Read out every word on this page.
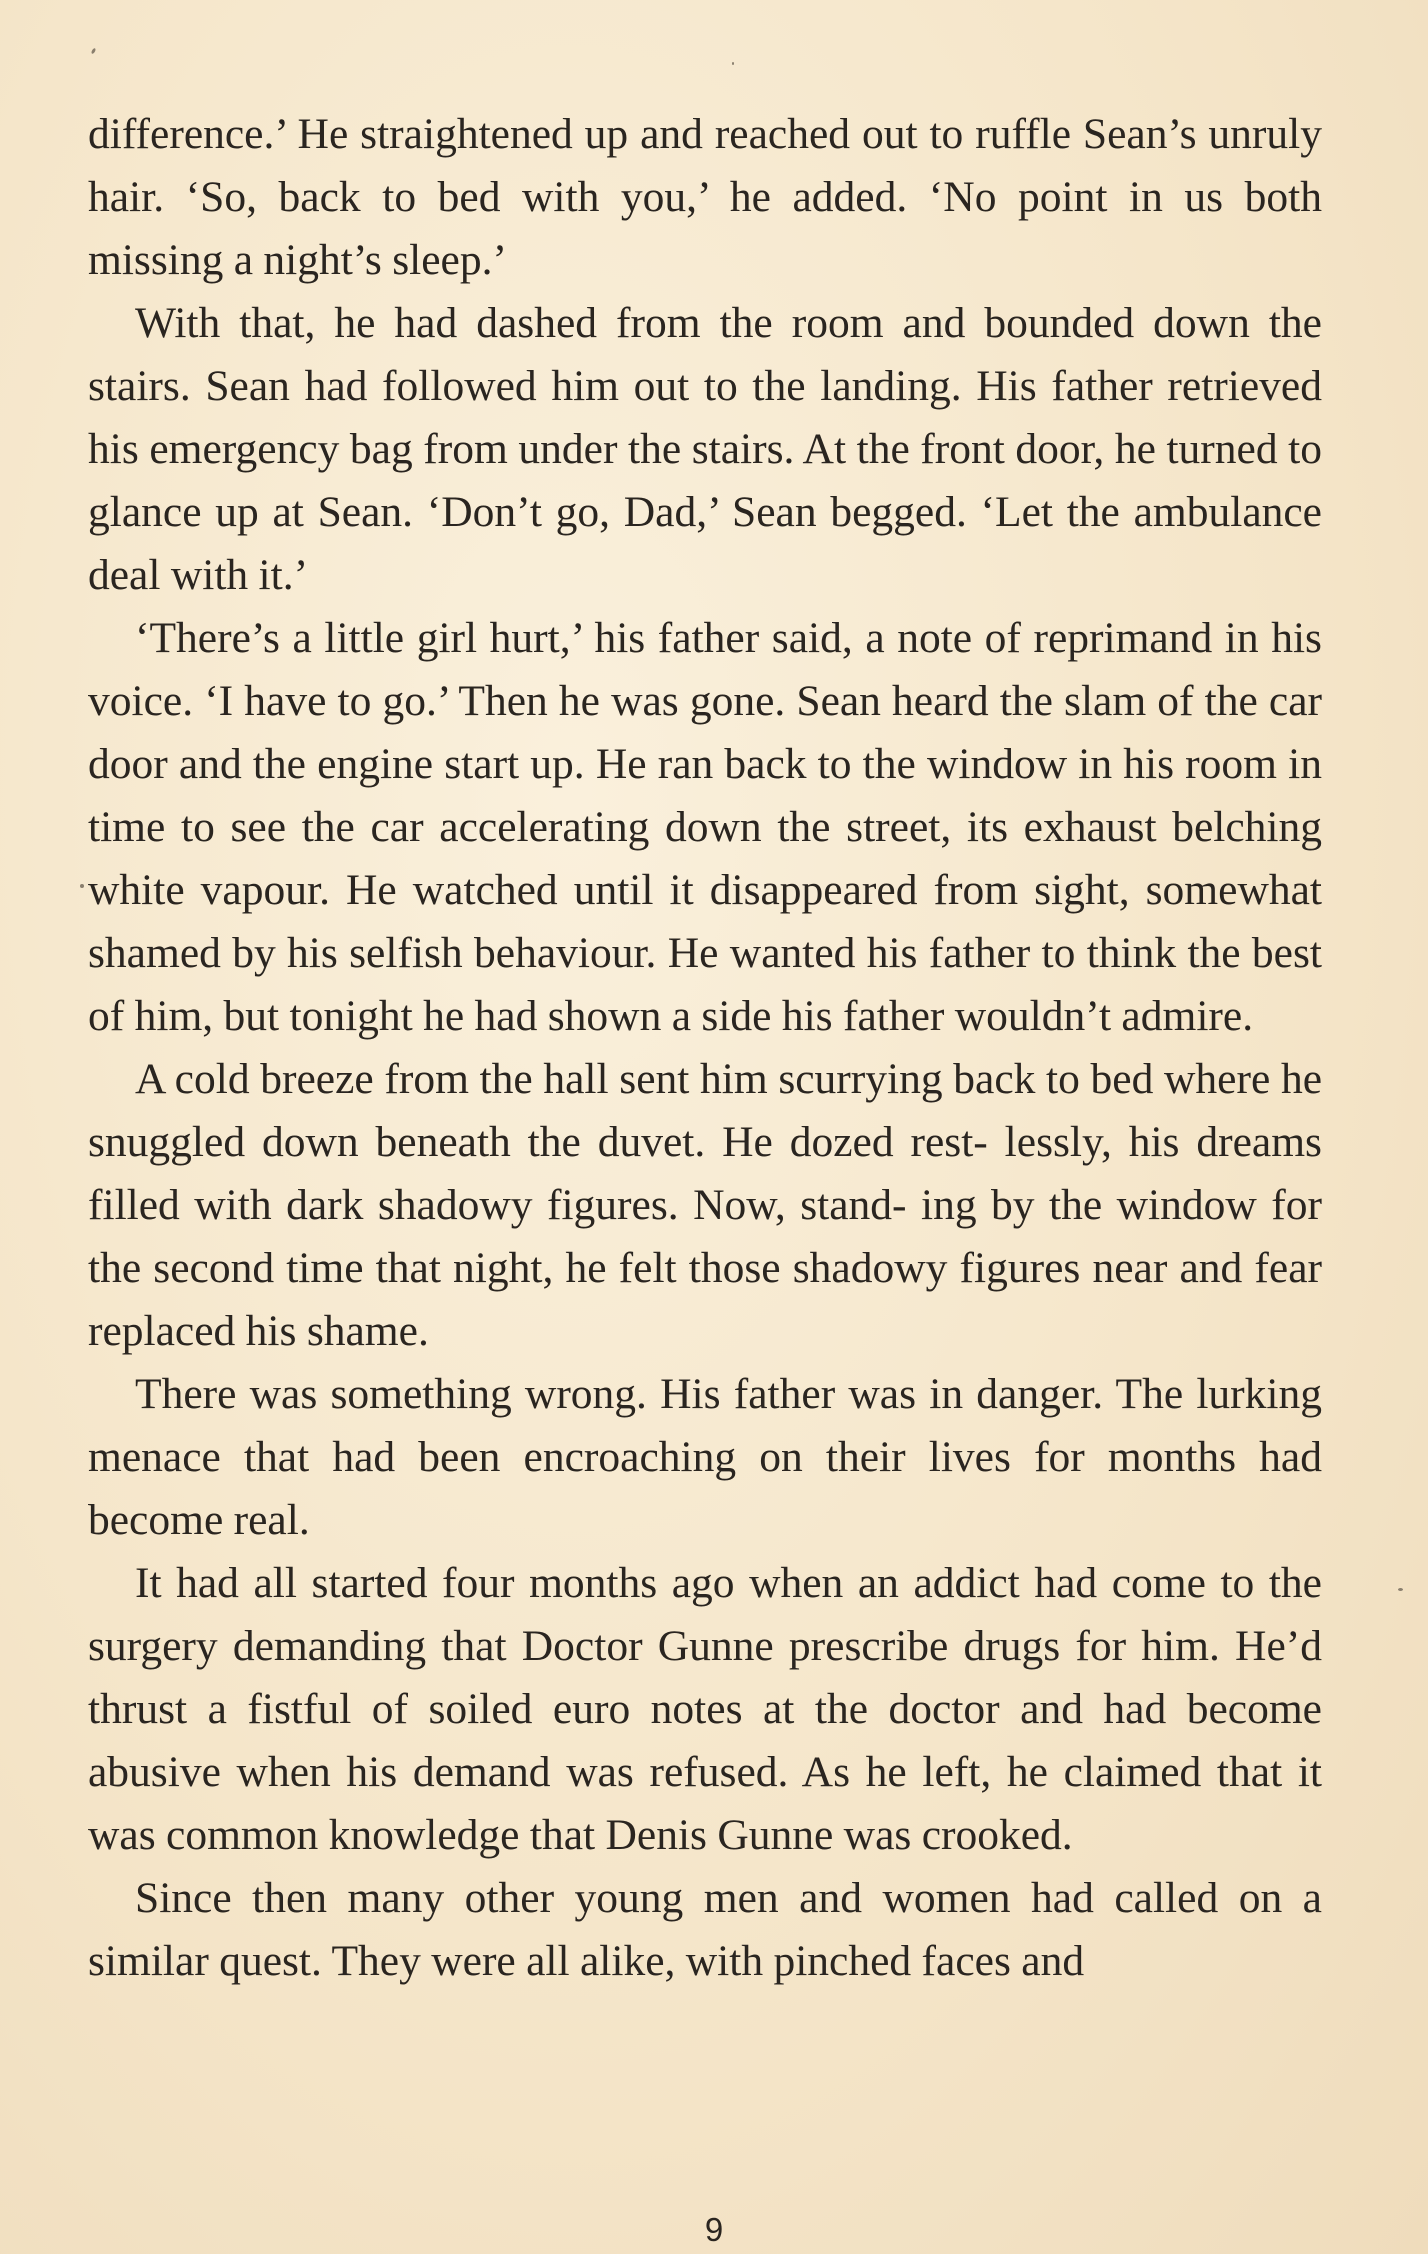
difference.’ He straightened up and reached out to ruffle Sean’s unruly hair. ‘So, back to bed with you,’ he added. ‘No point in us both missing a night’s sleep.’

With that, he had dashed from the room and bounded down the stairs. Sean had followed him out to the landing. His father retrieved his emergency bag from under the stairs. At the front door, he turned to glance up at Sean. ‘Don’t go, Dad,’ Sean begged. ‘Let the ambulance deal with it.’

‘There’s a little girl hurt,’ his father said, a note of reprimand in his voice. ‘I have to go.’ Then he was gone. Sean heard the slam of the car door and the engine start up. He ran back to the window in his room in time to see the car accelerating down the street, its exhaust belching white vapour. He watched until it disappeared from sight, somewhat shamed by his selfish behaviour. He wanted his father to think the best of him, but tonight he had shown a side his father wouldn’t admire.

A cold breeze from the hall sent him scurrying back to bed where he snuggled down beneath the duvet. He dozed rest- lessly, his dreams filled with dark shadowy figures. Now, stand- ing by the window for the second time that night, he felt those shadowy figures near and fear replaced his shame.

There was something wrong. His father was in danger. The lurking menace that had been encroaching on their lives for months had become real.

It had all started four months ago when an addict had come to the surgery demanding that Doctor Gunne prescribe drugs for him. He’d thrust a fistful of soiled euro notes at the doctor and had become abusive when his demand was refused. As he left, he claimed that it was common knowledge that Denis Gunne was crooked.

Since then many other young men and women had called on a similar quest. They were all alike, with pinched faces and

9
